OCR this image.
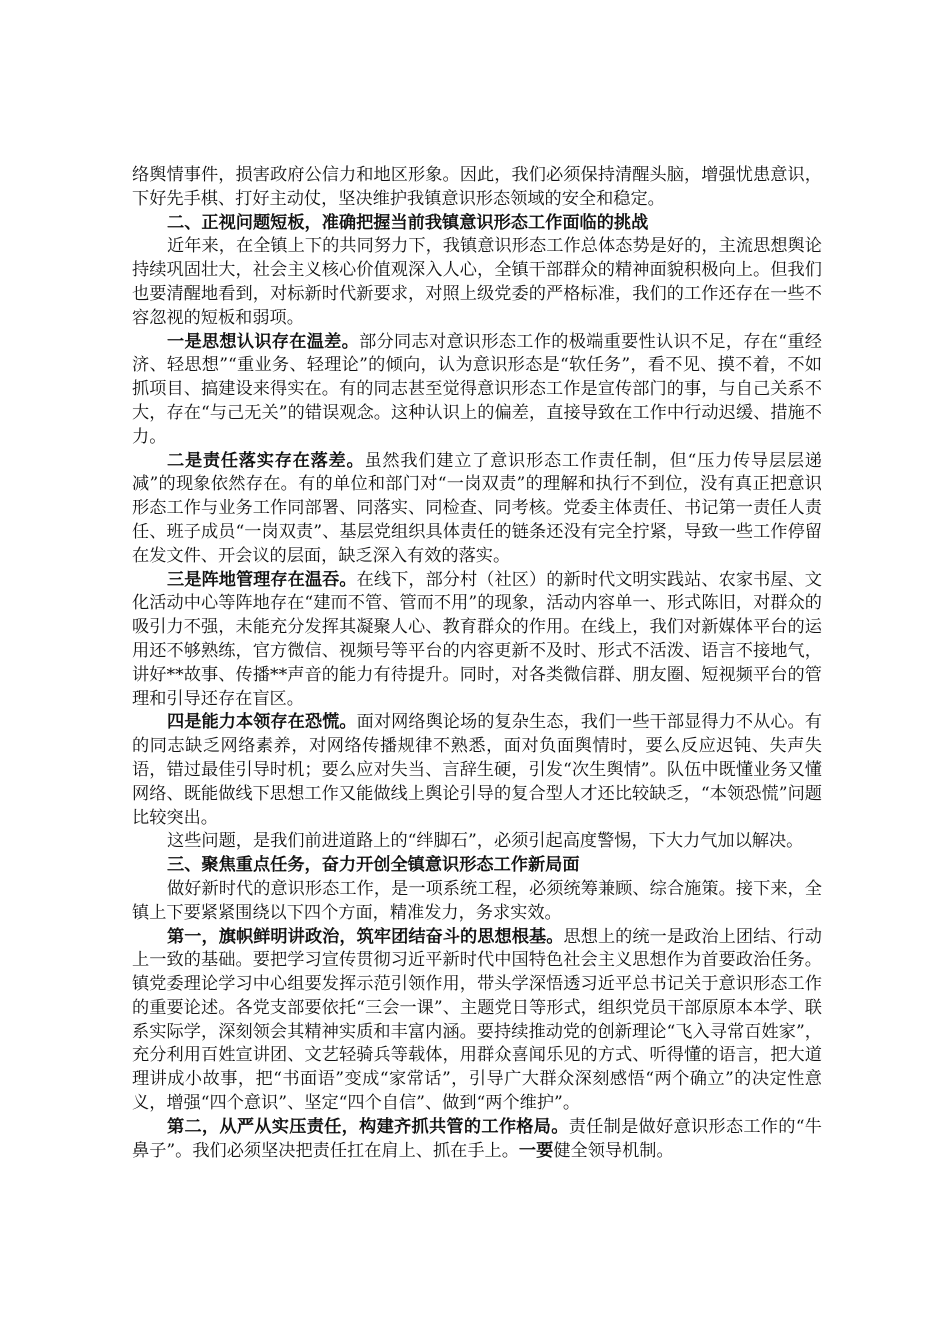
络舆情事件，损害政府公信力和地区形象。因此，我们必须保持清醒头脑，增强忧患意识，下好先手棋、打好主动仗，坚决维护我镇意识形态领域的安全和稳定。

二、正视问题短板，准确把握当前我镇意识形态工作面临的挑战

近年来，在全镇上下的共同努力下，我镇意识形态工作总体态势是好的，主流思想舆论持续巩固壮大，社会主义核心价值观深入人心，全镇干部群众的精神面貌积极向上。但我们也要清醒地看到，对标新时代新要求，对照上级党委的严格标准，我们的工作还存在一些不容忽视的短板和弱项。

一是思想认识存在温差。部分同志对意识形态工作的极端重要性认识不足，存在“重经济、轻思想”“重业务、轻理论”的倾向，认为意识形态是“软任务”，看不见、摸不着，不如抓项目、搞建设来得实在。有的同志甚至觉得意识形态工作是宣传部门的事，与自己关系不大，存在“与己无关”的错误观念。这种认识上的偏差，直接导致在工作中行动迟缓、措施不力。

二是责任落实存在落差。虽然我们建立了意识形态工作责任制，但“压力传导层层递减”的现象依然存在。有的单位和部门对“一岗双责”的理解和执行不到位，没有真正把意识形态工作与业务工作同部署、同落实、同检查、同考核。党委主体责任、书记第一责任人责任、班子成员“一岗双责”、基层党组织具体责任的链条还没有完全拧紧，导致一些工作停留在发文件、开会议的层面，缺乏深入有效的落实。

三是阵地管理存在温吞。在线下，部分村（社区）的新时代文明实践站、农家书屋、文化活动中心等阵地存在“建而不管、管而不用”的现象，活动内容单一、形式陈旧，对群众的吸引力不强，未能充分发挥其凝聚人心、教育群众的作用。在线上，我们对新媒体平台的运用还不够熟练，官方微信、视频号等平台的内容更新不及时、形式不活泼、语言不接地气，讲好**故事、传播**声音的能力有待提升。同时，对各类微信群、朋友圈、短视频平台的管理和引导还存在盲区。

四是能力本领存在恐慌。面对网络舆论场的复杂生态，我们一些干部显得力不从心。有的同志缺乏网络素养，对网络传播规律不熟悉，面对负面舆情时，要么反应迟钝、失声失语，错过最佳引导时机；要么应对失当、言辞生硬，引发“次生舆情”。队伍中既懂业务又懂网络、既能做线下思想工作又能做线上舆论引导的复合型人才还比较缺乏，“本领恐慌”问题比较突出。

这些问题，是我们前进道路上的“绊脚石”，必须引起高度警惕，下大力气加以解决。

三、聚焦重点任务，奋力开创全镇意识形态工作新局面

做好新时代的意识形态工作，是一项系统工程，必须统筹兼顾、综合施策。接下来，全镇上下要紧紧围绕以下四个方面，精准发力，务求实效。

第一，旗帜鲜明讲政治，筑牢团结奋斗的思想根基。思想上的统一是政治上团结、行动上一致的基础。要把学习宣传贯彻习近平新时代中国特色社会主义思想作为首要政治任务。镇党委理论学习中心组要发挥示范引领作用，带头学深悟透习近平总书记关于意识形态工作的重要论述。各党支部要依托“三会一课”、主题党日等形式，组织党员干部原原本本学、联系实际学，深刻领会其精神实质和丰富内涵。要持续推动党的创新理论“飞入寻常百姓家”，充分利用百姓宣讲团、文艺轻骑兵等载体，用群众喜闻乐见的方式、听得懂的语言，把大道理讲成小故事，把“书面语”变成“家常话”，引导广大群众深刻感悟“两个确立”的决定性意义，增强“四个意识”、坚定“四个自信”、做到“两个维护”。

第二，从严从实压责任，构建齐抓共管的工作格局。责任制是做好意识形态工作的“牛鼻子”。我们必须坚决把责任扛在肩上、抓在手上。一要健全领导机制。
